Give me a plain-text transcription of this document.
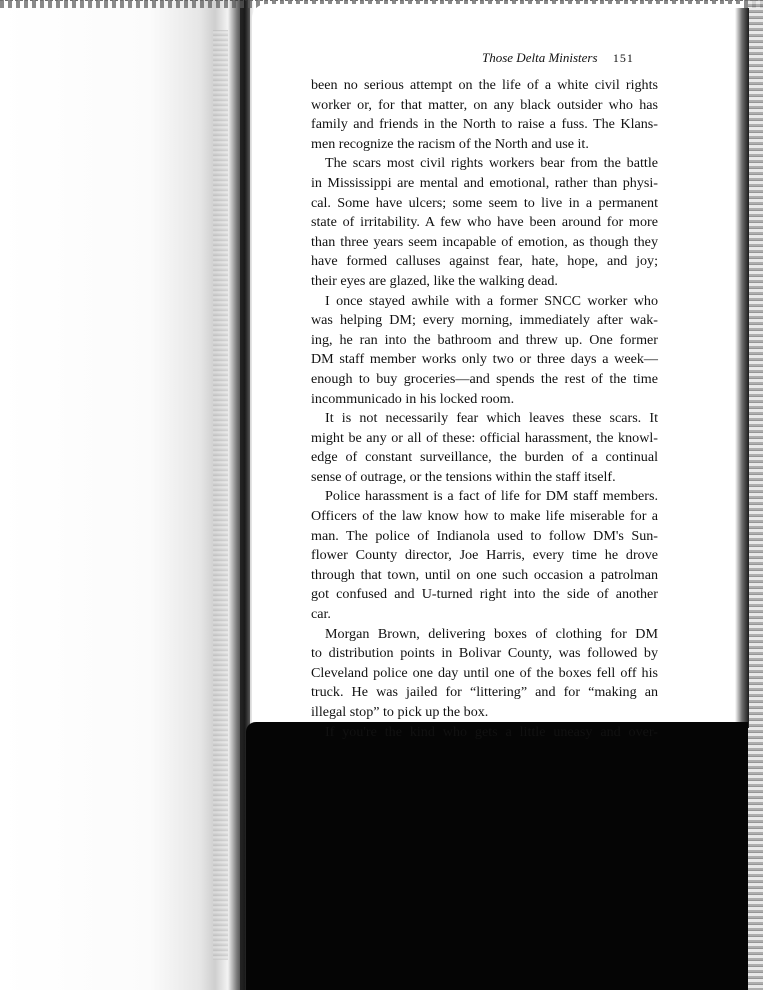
Those Delta Ministers 151
been no serious attempt on the life of a white civil rights
worker or, for that matter, on any black outsider who has
family and friends in the North to raise a fuss. The Klans-
men recognize the racism of the North and use it.
The scars most civil rights workers bear from the battle
in Mississippi are mental and emotional, rather than physi-
cal. Some have ulcers; some seem to live in a permanent
state of irritability. A few who have been around for more
than three years seem incapable of emotion, as though they
have formed calluses against fear, hate, hope, and joy;
their eyes are glazed, like the walking dead.
I once stayed awhile with a former SNCC worker who
was helping DM; every morning, immediately after wak-
ing, he ran into the bathroom and threw up. One former
DM staff member works only two or three days a week—
enough to buy groceries—and spends the rest of the time
incommunicado in his locked room.
It is not necessarily fear which leaves these scars. It
might be any or all of these: official harassment, the knowl-
edge of constant surveillance, the burden of a continual
sense of outrage, or the tensions within the staff itself.
Police harassment is a fact of life for DM staff members.
Officers of the law know how to make life miserable for a
man. The police of Indianola used to follow DM's Sun-
flower County director, Joe Harris, every time he drove
through that town, until on one such occasion a patrolman
got confused and U-turned right into the side of another
car.
Morgan Brown, delivering boxes of clothing for DM
to distribution points in Bolivar County, was followed by
Cleveland police one day until one of the boxes fell off his
truck. He was jailed for “littering” and for “making an
illegal stop” to pick up the box.
If you're the kind who gets a little uneasy and over-
